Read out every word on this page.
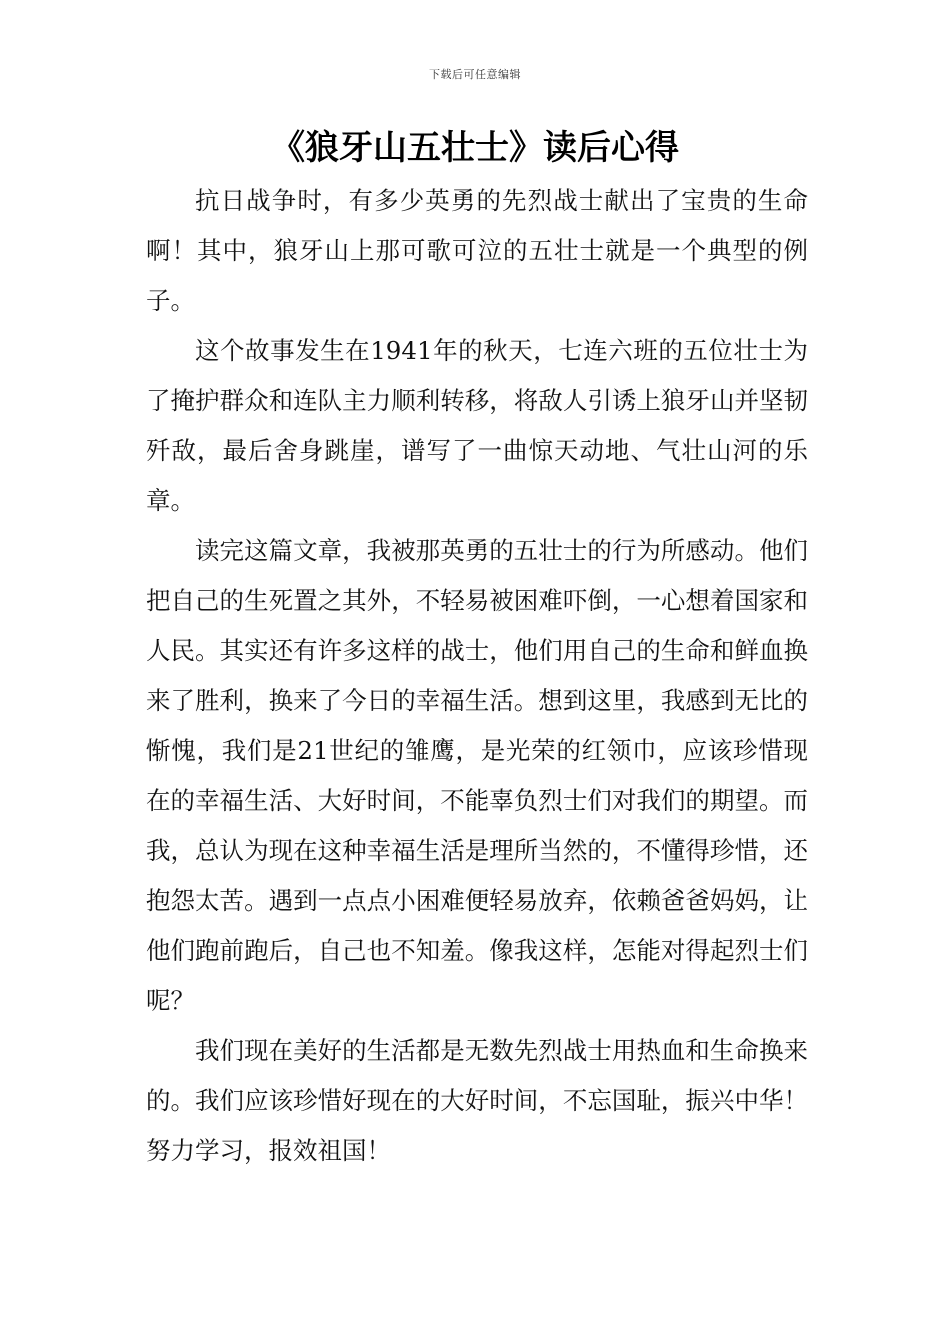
下载后可任意编辑
《狼牙山五壮士》读后心得

抗日战争时，有多少英勇的先烈战士献出了宝贵的生命啊！其中，狼牙山上那可歌可泣的五壮士就是一个典型的例子。

这个故事发生在1941年的秋天，七连六班的五位壮士为了掩护群众和连队主力顺利转移，将敌人引诱上狼牙山并坚韧歼敌，最后舍身跳崖，谱写了一曲惊天动地、气壮山河的乐章。

读完这篇文章，我被那英勇的五壮士的行为所感动。他们把自己的生死置之其外，不轻易被困难吓倒，一心想着国家和人民。其实还有许多这样的战士，他们用自己的生命和鲜血换来了胜利，换来了今日的幸福生活。想到这里，我感到无比的惭愧，我们是21世纪的雏鹰，是光荣的红领巾，应该珍惜现在的幸福生活、大好时间，不能辜负烈士们对我们的期望。而我，总认为现在这种幸福生活是理所当然的，不懂得珍惜，还抱怨太苦。遇到一点点小困难便轻易放弃，依赖爸爸妈妈，让他们跑前跑后，自己也不知羞。像我这样，怎能对得起烈士们呢？

我们现在美好的生活都是无数先烈战士用热血和生命换来的。我们应该珍惜好现在的大好时间，不忘国耻，振兴中华！努力学习，报效祖国！
